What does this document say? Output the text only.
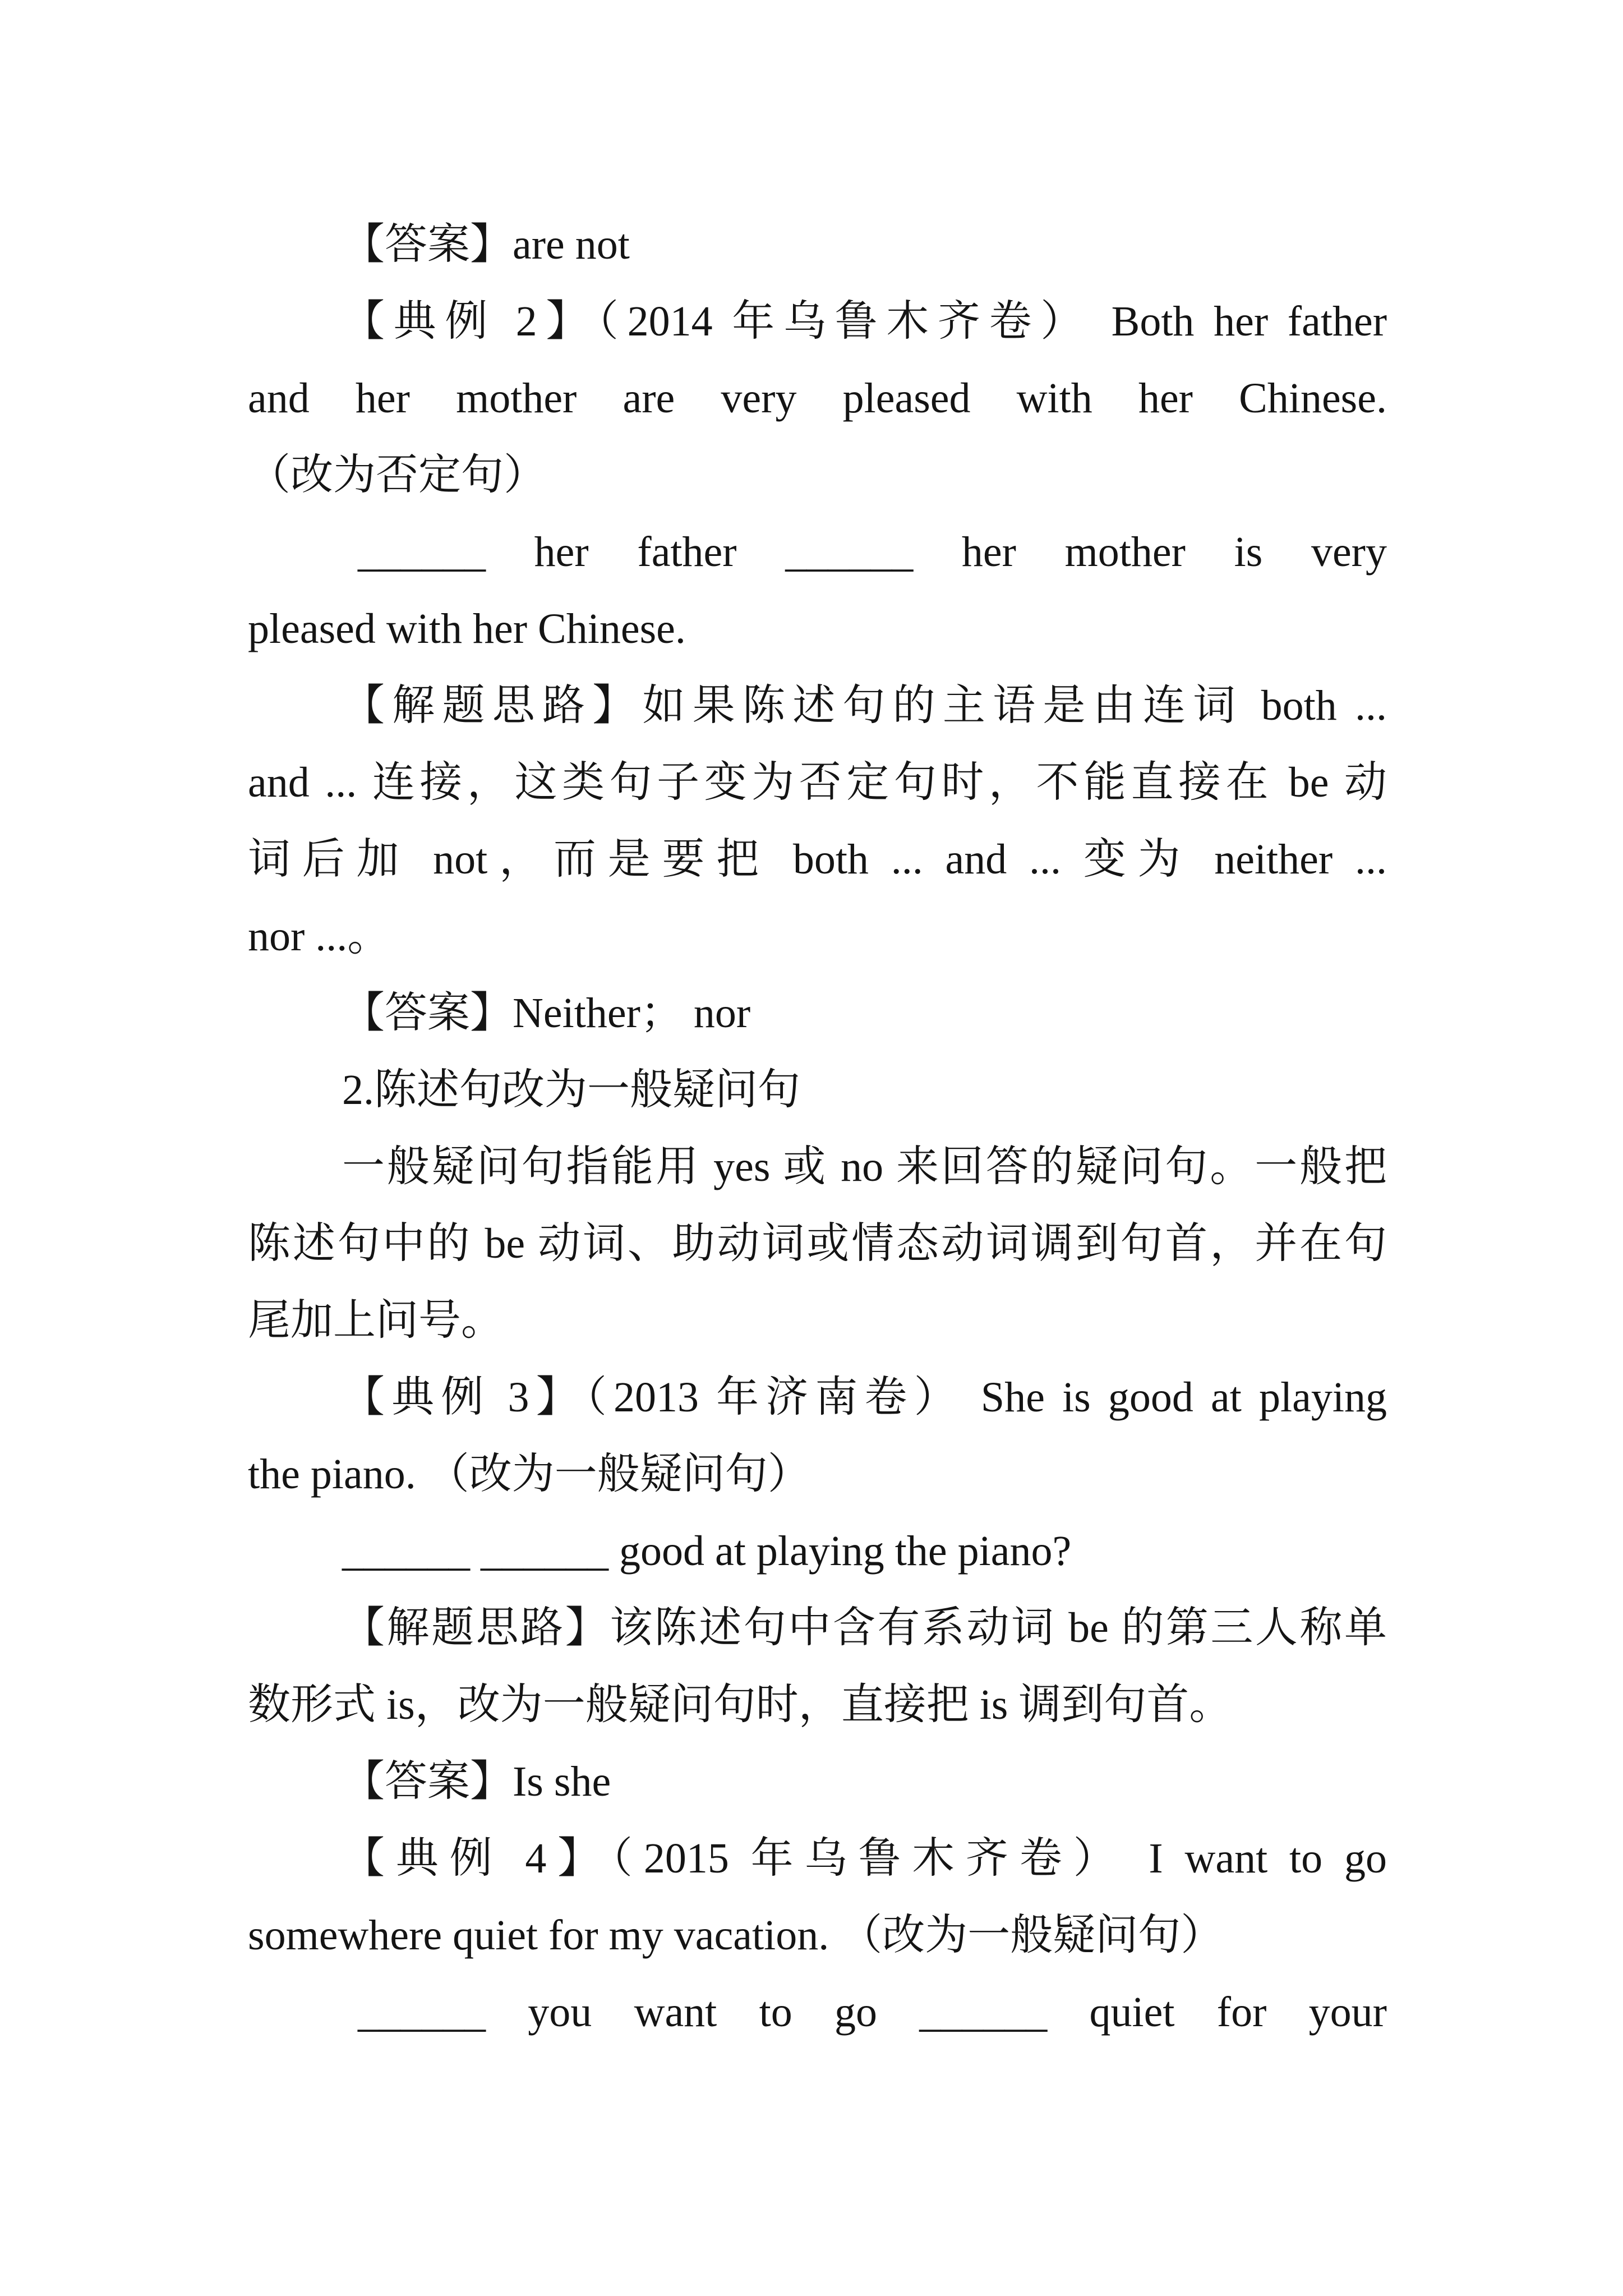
【答案】are not
【典例 2】（2014 年乌鲁木齐卷） Both her father
and her mother are very pleased with her Chinese.
（改为否定句）
______ her father ______ her mother is very
pleased with her Chinese.
【解题思路】如果陈述句的主语是由连词 both ...
and ... 连接，这类句子变为否定句时，不能直接在 be 动
词后加 not，而是要把 both ... and ... 变为 neither ...
nor ...。
【答案】Neither； nor
2.陈述句改为一般疑问句
一般疑问句指能用 yes 或 no 来回答的疑问句。一般把
陈述句中的 be 动词、助动词或情态动词调到句首，并在句
尾加上问号。
【典例 3】（2013 年济南卷） She is good at playing
the piano. （改为一般疑问句）
______ ______ good at playing the piano?
【解题思路】该陈述句中含有系动词 be 的第三人称单
数形式 is，改为一般疑问句时，直接把 is 调到句首。
【答案】Is she
【典例 4】（2015 年乌鲁木齐卷） I want to go
somewhere quiet for my vacation. （改为一般疑问句）
______ you want to go ______ quiet for your
